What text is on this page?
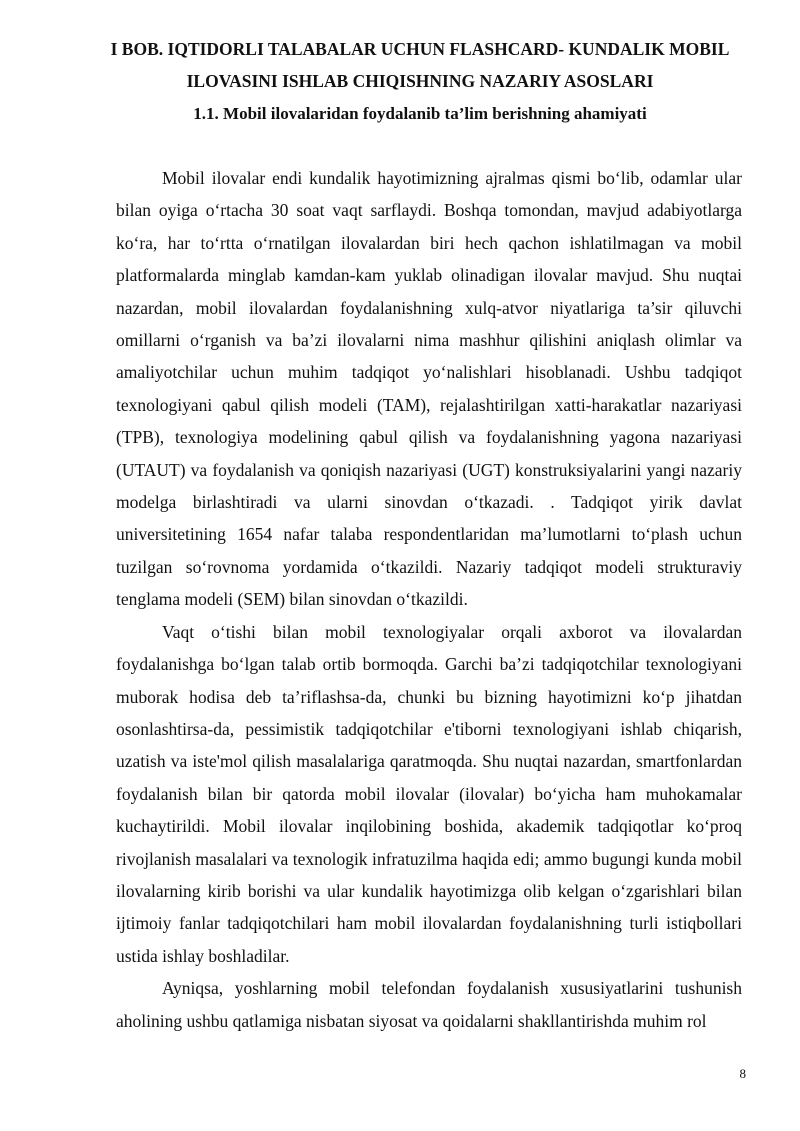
I BOB. IQTIDORLI TALABALAR UCHUN FLASHCARD- KUNDALIK MOBIL ILOVASINI ISHLAB CHIQISHNING NAZARIY ASOSLARI
1.1. Mobil ilovalaridan foydalanib ta’lim berishning ahamiyati

Mobil ilovalar endi kundalik hayotimizning ajralmas qismi bo‘lib, odamlar ular bilan oyiga o‘rtacha 30 soat vaqt sarflaydi. Boshqa tomondan, mavjud adabiyotlarga ko‘ra, har to‘rtta o‘rnatilgan ilovalardan biri hech qachon ishlatilmagan va mobil platformalarda minglab kamdan-kam yuklab olinadigan ilovalar mavjud. Shu nuqtai nazardan, mobil ilovalardan foydalanishning xulq-atvor niyatlariga ta’sir qiluvchi omillarni o‘rganish va ba’zi ilovalarni nima mashhur qilishini aniqlash olimlar va amaliyotchilar uchun muhim tadqiqot yo‘nalishlari hisoblanadi. Ushbu tadqiqot texnologiyani qabul qilish modeli (TAM), rejalashtirilgan xatti-harakatlar nazariyasi (TPB), texnologiya modelining qabul qilish va foydalanishning yagona nazariyasi (UTAUT) va foydalanish va qoniqish nazariyasi (UGT) konstruksiyalarini yangi nazariy modelga birlashtiradi va ularni sinovdan o‘tkazadi. . Tadqiqot yirik davlat universitetining 1654 nafar talaba respondentlaridan ma’lumotlarni to‘plash uchun tuzilgan so‘rovnoma yordamida o‘tkazildi. Nazariy tadqiqot modeli strukturaviy tenglama modeli (SEM) bilan sinovdan o‘tkazildi.

Vaqt o‘tishi bilan mobil texnologiyalar orqali axborot va ilovalardan foydalanishga bo‘lgan talab ortib bormoqda. Garchi ba’zi tadqiqotchilar texnologiyani muborak hodisa deb ta’riflashsa-da, chunki bu bizning hayotimizni ko‘p jihatdan osonlashtirsa-da, pessimistik tadqiqotchilar e'tiborni texnologiyani ishlab chiqarish, uzatish va iste'mol qilish masalalariga qaratmoqda. Shu nuqtai nazardan, smartfonlardan foydalanish bilan bir qatorda mobil ilovalar (ilovalar) bo‘yicha ham muhokamalar kuchaytirildi. Mobil ilovalar inqilobining boshida, akademik tadqiqotlar ko‘proq rivojlanish masalalari va texnologik infratuzilma haqida edi; ammo bugungi kunda mobil ilovalarning kirib borishi va ular kundalik hayotimizga olib kelgan o‘zgarishlari bilan ijtimoiy fanlar tadqiqotchilari ham mobil ilovalardan foydalanishning turli istiqbollari ustida ishlay boshladilar.

Ayniqsa, yoshlarning mobil telefondan foydalanish xususiyatlarini tushunish aholining ushbu qatlamiga nisbatan siyosat va qoidalarni shakllantirishda muhim rol

8
